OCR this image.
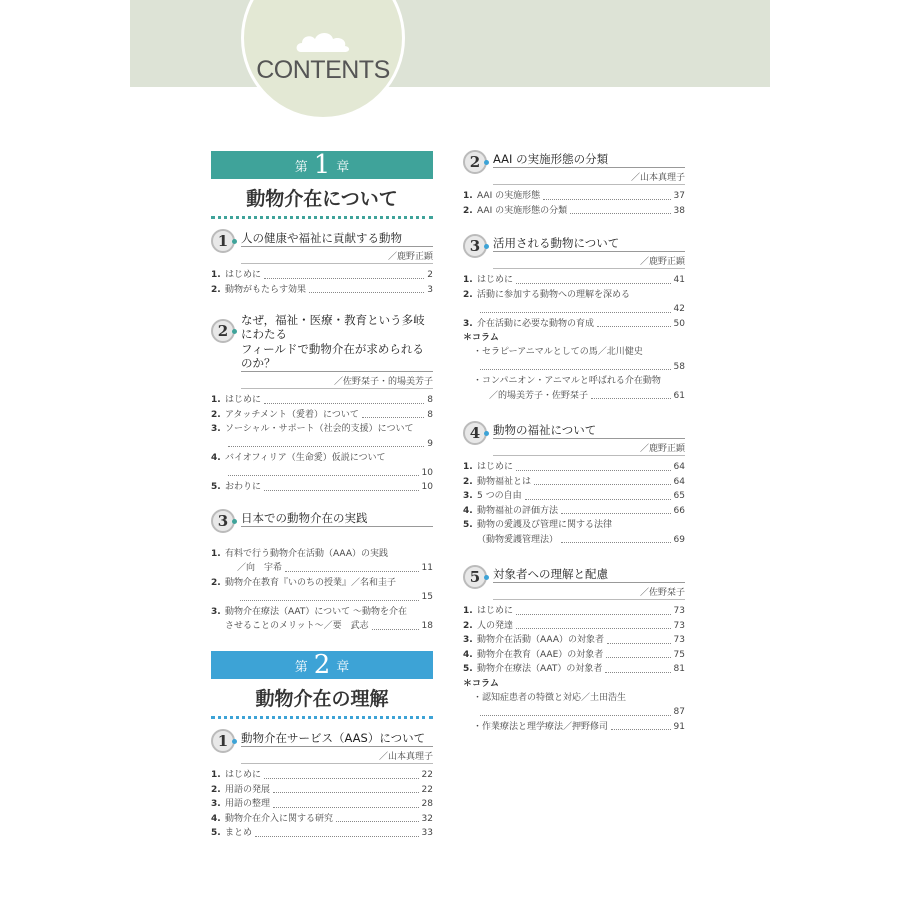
CONTENTS
第 1 章
動物介在について
1	人の健康や福祉に貢献する動物
／鹿野正顕
1. はじめに	2
2. 動物がもたらす効果	3
2
なぜ，福祉・医療・教育という多岐にわたる
フィールドで動物介在が求められるのか？
／佐野栞子・的場美芳子
1. はじめに	8
2. アタッチメント（愛着）について	8
3. ソーシャル・サポート（社会的支援）について
9
4. バイオフィリア（生命愛）仮説について
10
5. おわりに	10
3	日本での動物介在の実践
1. 有料で行う動物介在活動（AAA）の実践
／向　宇希	11
2. 動物介在教育『いのちの授業』／名和圭子
15
3. 動物介在療法（AAT）について ～動物を介在
させることのメリット～／要　武志	18
第 2 章
動物介在の理解
1	動物介在サービス（AAS）について
／山本真理子
1. はじめに	22
2. 用語の発展	22
3. 用語の整理	28
4. 動物介在介入に関する研究	32
5. まとめ	33
2	AAI の実施形態の分類
／山本真理子
1. AAI の実施形態	37
2. AAI の実施形態の分類	38
3	活用される動物について
／鹿野正顕
1. はじめに	41
2. 活動に参加する動物への理解を深める
42
3. 介在活動に必要な動物の育成	50
＊コラム
・セラピーアニマルとしての馬／北川健史
58
・コンパニオン・アニマルと呼ばれる介在動物
／的場美芳子・佐野栞子	61
4	動物の福祉について
／鹿野正顕
1. はじめに	64
2. 動物福祉とは	64
3. 5 つの自由	65
4. 動物福祉の評価方法	66
5. 動物の愛護及び管理に関する法律
（動物愛護管理法）	69
5	対象者への理解と配慮
／佐野栞子
1. はじめに	73
2. 人の発達	73
3. 動物介在活動（AAA）の対象者	73
4. 動物介在教育（AAE）の対象者	75
5. 動物介在療法（AAT）の対象者	81
＊コラム
・認知症患者の特徴と対応／土田浩生
87
・作業療法と理学療法／押野修司	91
